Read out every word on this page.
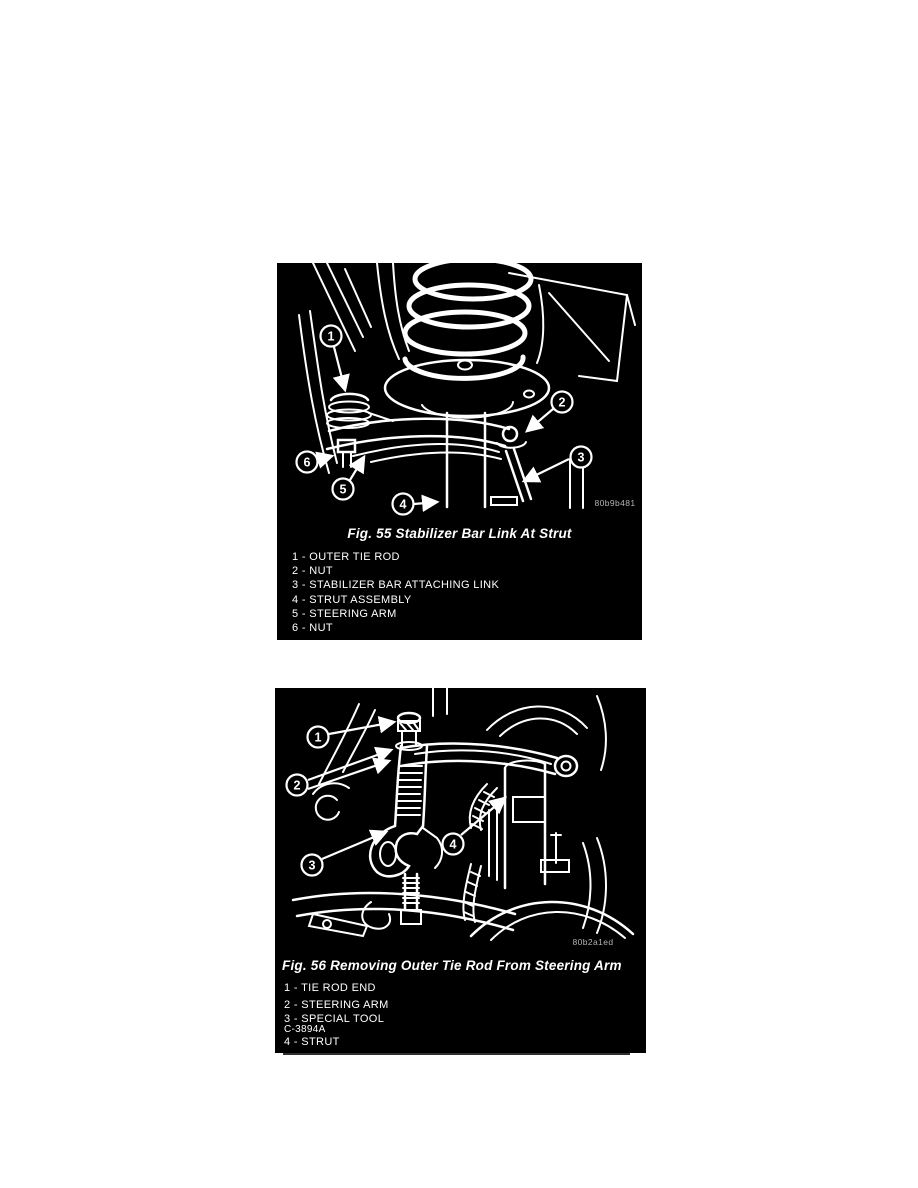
1
2
3
4
5
6
80b9b481
Fig. 55 Stabilizer Bar Link At Strut
1 - OUTER TIE ROD
2 - NUT
3 - STABILIZER BAR ATTACHING LINK
4 - STRUT ASSEMBLY
5 - STEERING ARM
6 - NUT
1
2
3
4
80b2a1ed
Fig. 56 Removing Outer Tie Rod From Steering Arm
1 - TIE ROD END
2 - STEERING ARM
3 - SPECIAL TOOL
C-3894A
4 - STRUT
